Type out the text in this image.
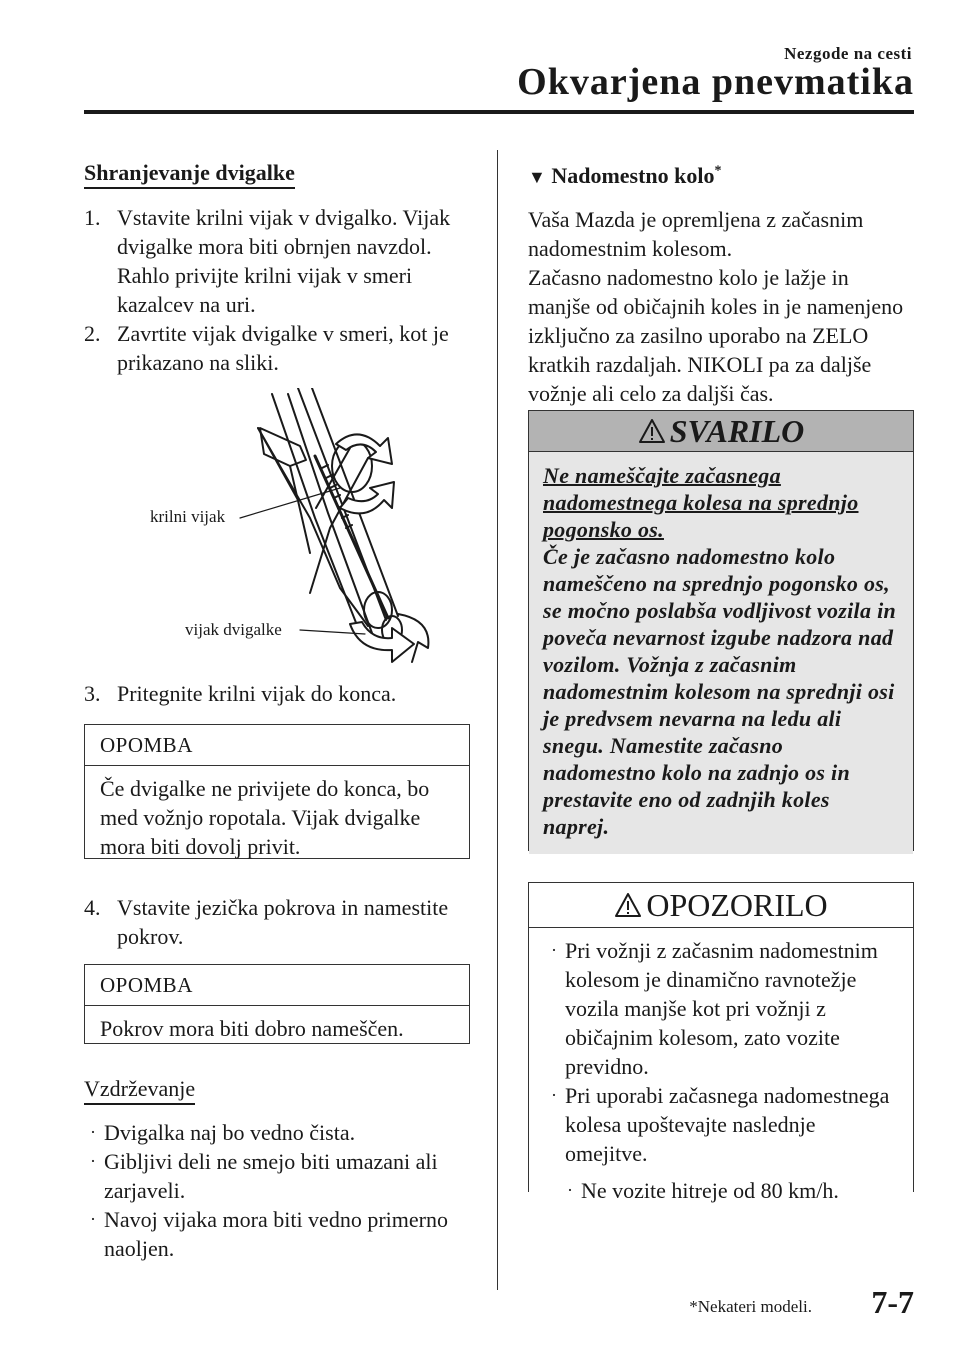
Nezgode na cesti
Okvarjena pnevmatika
Shranjevanje dvigalke
1. Vstavite krilni vijak v dvigalko. Vijak dvigalke mora biti obrnjen navzdol. Rahlo privijte krilni vijak v smeri kazalcev na uri.
2. Zavrtite vijak dvigalke v smeri, kot je prikazano na sliki.
krilni vijak
vijak dvigalke
3. Pritegnite krilni vijak do konca.
OPOMBA
Če dvigalke ne privijete do konca, bo med vožnjo ropotala. Vijak dvigalke mora biti dovolj privit.
4. Vstavite jezička pokrova in namestite pokrov.
OPOMBA
Pokrov mora biti dobro nameščen.
Vzdrževanje
· Dvigalka naj bo vedno čista.
· Gibljivi deli ne smejo biti umazani ali zarjaveli.
· Navoj vijaka mora biti vedno primerno naoljen.
▼ Nadomestno kolo*
Vaša Mazda je opremljena z začasnim nadomestnim kolesom.
Začasno nadomestno kolo je lažje in manjše od običajnih koles in je namenjeno izključno za zasilno uporabo na ZELO kratkih razdaljah. NIKOLI pa za daljše vožnje ali celo za daljši čas.
SVARILO
Ne nameščajte začasnega nadomestnega kolesa na sprednjo pogonsko os.
Če je začasno nadomestno kolo nameščeno na sprednjo pogonsko os, se močno poslabša vodljivost vozila in poveča nevarnost izgube nadzora nad vozilom. Vožnja z začasnim nadomestnim kolesom na sprednji osi je predvsem nevarna na ledu ali snegu. Namestite začasno nadomestno kolo na zadnjo os in prestavite eno od zadnjih koles naprej.
OPOZORILO
· Pri vožnji z začasnim nadomestnim kolesom je dinamično ravnotežje vozila manjše kot pri vožnji z običajnim kolesom, zato vozite previdno.
· Pri uporabi začasnega nadomestnega kolesa upoštevajte naslednje omejitve.
· Ne vozite hitreje od 80 km/h.
*Nekateri modeli. 7-7
